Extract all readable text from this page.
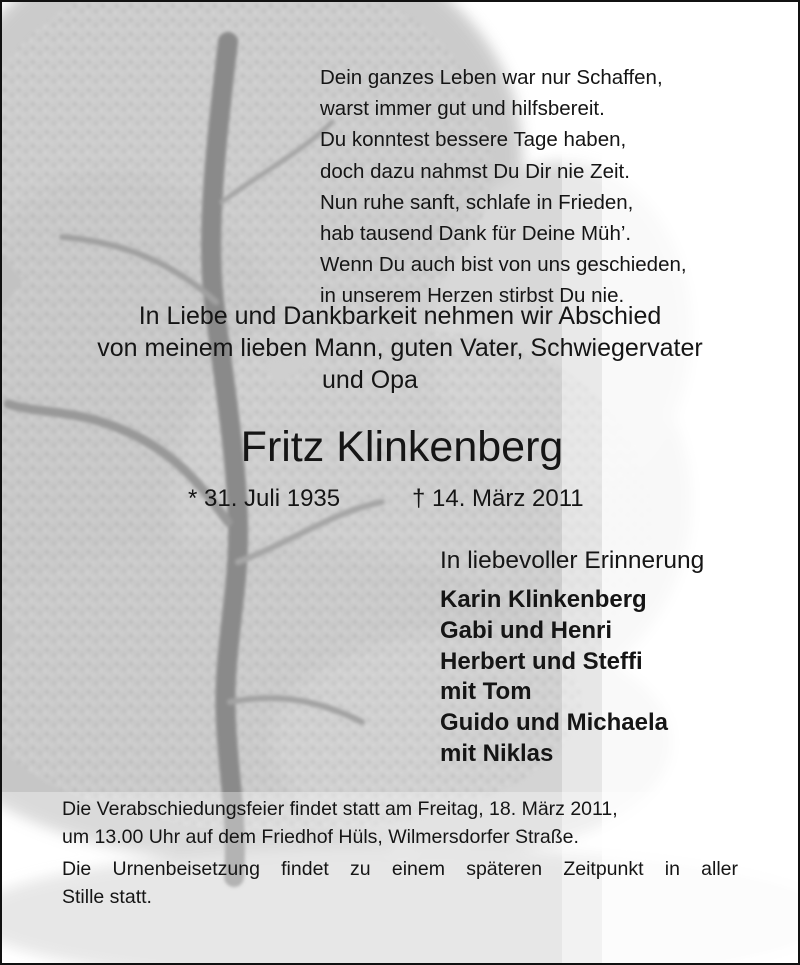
Dein ganzes Leben war nur Schaffen,
warst immer gut und hilfsbereit.
Du konntest bessere Tage haben,
doch dazu nahmst Du Dir nie Zeit.
Nun ruhe sanft, schlafe in Frieden,
hab tausend Dank für Deine Müh’.
Wenn Du auch bist von uns geschieden,
in unserem Herzen stirbst Du nie.
In Liebe und Dankbarkeit nehmen wir Abschied
von meinem lieben Mann, guten Vater, Schwiegervater
und Opa
Fritz Klinkenberg
* 31. Juli 1935	† 14. März 2011
In liebevoller Erinnerung
Karin Klinkenberg
Gabi und Henri
Herbert und Steffi
mit Tom
Guido und Michaela
mit Niklas
Die Verabschiedungsfeier findet statt am Freitag, 18. März 2011,
um 13.00 Uhr auf dem Friedhof Hüls, Wilmersdorfer Straße.
Die Urnenbeisetzung findet zu einem späteren Zeitpunkt in aller
Stille statt.
